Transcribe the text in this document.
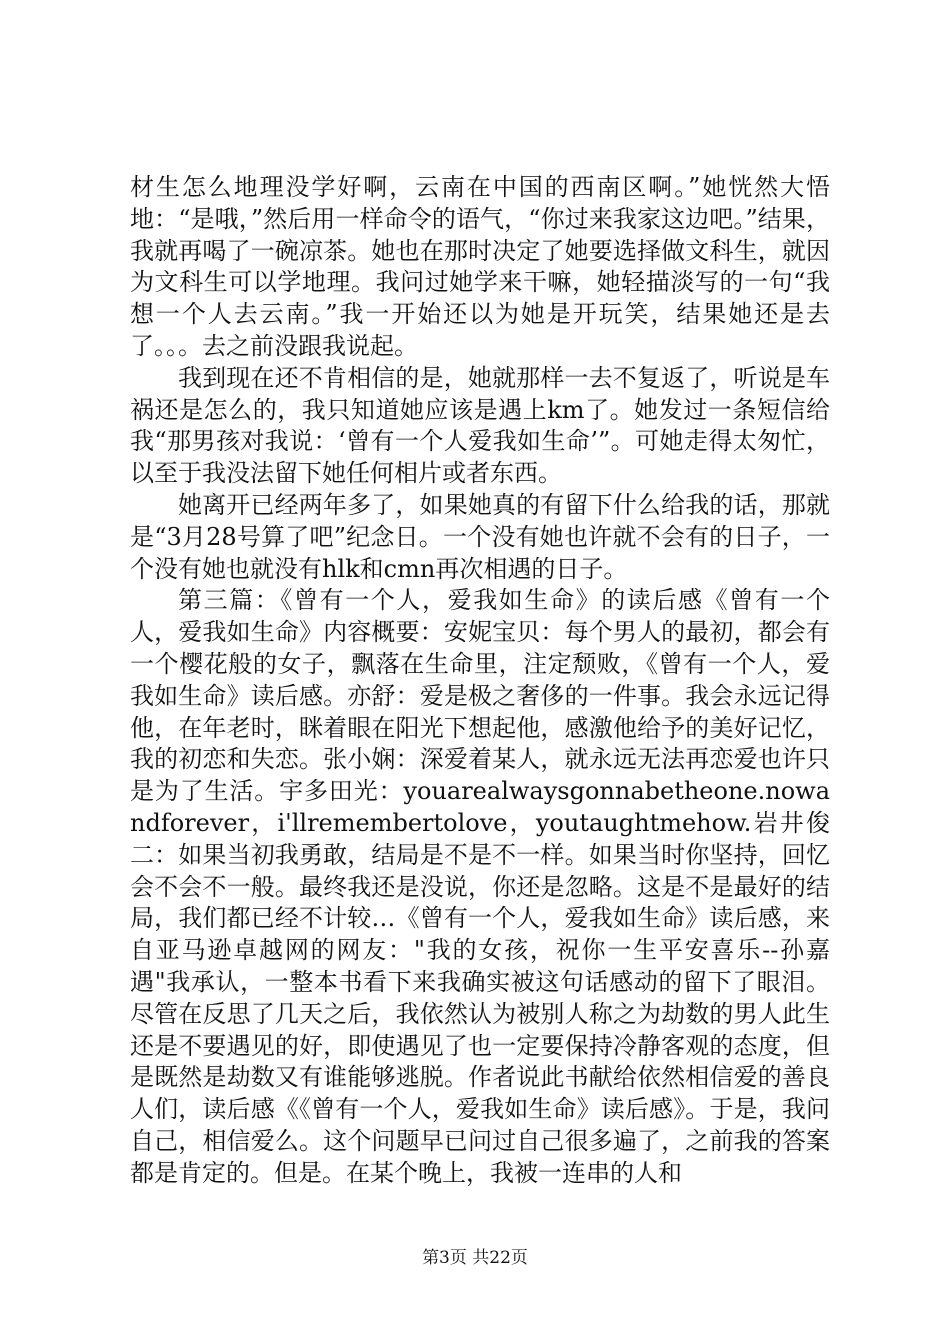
材生怎么地理没学好啊，云南在中国的西南区啊。”她恍然大悟地：“是哦，”然后用一样命令的语气，“你过来我家这边吧。”结果，我就再喝了一碗凉茶。她也在那时决定了她要选择做文科生，就因为文科生可以学地理。我问过她学来干嘛，她轻描淡写的一句“我想一个人去云南。”我一开始还以为她是开玩笑，结果她还是去了。。。去之前没跟我说起。

我到现在还不肯相信的是，她就那样一去不复返了，听说是车祸还是怎么的，我只知道她应该是遇上km了。她发过一条短信给我“那男孩对我说：‘曾有一个人爱我如生命’”。可她走得太匆忙，以至于我没法留下她任何相片或者东西。

她离开已经两年多了，如果她真的有留下什么给我的话，那就是“3月28号算了吧”纪念日。一个没有她也许就不会有的日子，一个没有她也就没有hlk和cmn再次相遇的日子。

第三篇：《曾有一个人，爱我如生命》的读后感《曾有一个人，爱我如生命》内容概要：安妮宝贝：每个男人的最初，都会有一个樱花般的女子，飘落在生命里，注定颓败，《曾有一个人，爱我如生命》读后感。亦舒：爱是极之奢侈的一件事。我会永远记得他，在年老时，眯着眼在阳光下想起他，感激他给予的美好记忆，我的初恋和失恋。张小娴：深爱着某人，就永远无法再恋爱也许只是为了生活。宇多田光：youarealwaysgonnabetheone.nowandforever，i'llremembertolove，youtaughtmehow.岩井俊二：如果当初我勇敢，结局是不是不一样。如果当时你坚持，回忆会不会不一般。最终我还是没说，你还是忽略。这是不是最好的结局，我们都已经不计较…《曾有一个人，爱我如生命》读后感，来自亚马逊卓越网的网友："我的女孩，祝你一生平安喜乐--孙嘉遇"我承认，一整本书看下来我确实被这句话感动的留下了眼泪。尽管在反思了几天之后，我依然认为被别人称之为劫数的男人此生还是不要遇见的好，即使遇见了也一定要保持冷静客观的态度，但是既然是劫数又有谁能够逃脱。作者说此书献给依然相信爱的善良人们，读后感《《曾有一个人，爱我如生命》读后感》。于是，我问自己，相信爱么。这个问题早已问过自己很多遍了，之前我的答案都是肯定的。但是。在某个晚上，我被一连串的人和

第3页 共22页
